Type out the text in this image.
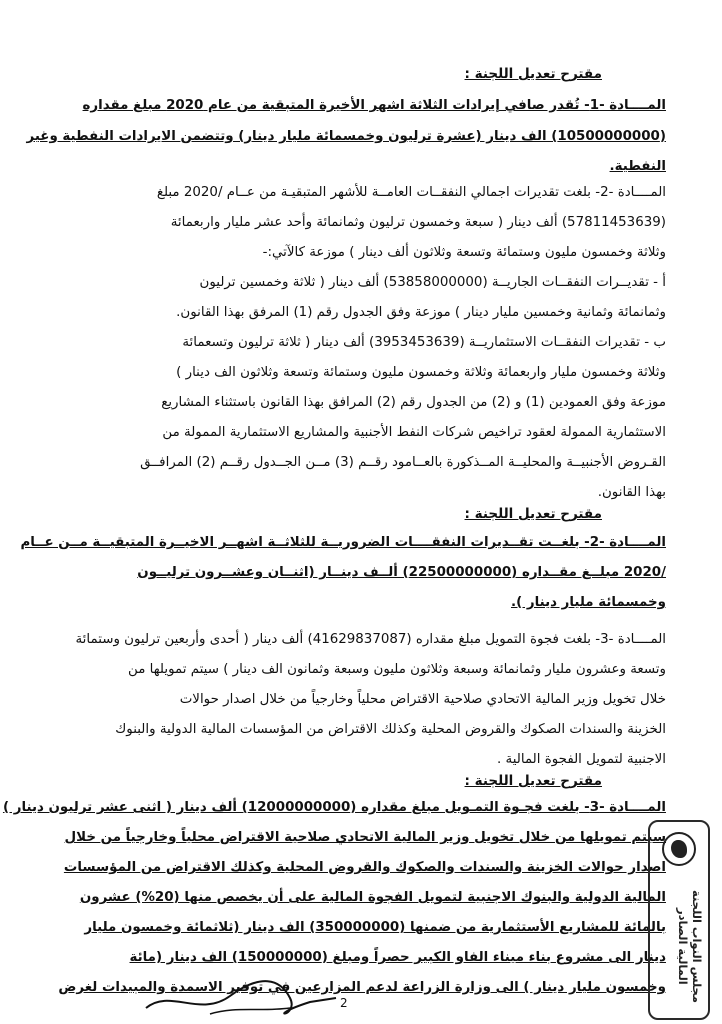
مقترح تعديل اللجنة :
المــــادة -1- تُقدر صافي إيرادات الثلاثة اشهر الأخيرة المتبقية من عام 2020 مبلغ مقداره
(10500000000) الف دينار (عشرة ترليون وخمسمائة مليار دينار) وتتضمن الايرادات النفطية وغير
النفطية.
المــــادة -2- بلغت تقديرات اجمالي النفقــات العامــة للأشهر المتبقيـة من عــام /2020 مبلغ
(57811453639) ألف دينار ( سبعة وخمسون ترليون وثمانمائة وأحد عشر مليار واربعمائة
وثلاثة وخمسون مليون وستمائة وتسعة وثلاثون ألف دينار ) موزعة كالآتي:-
أ - تقديــرات النفقــات الجاريــة (53858000000) ألف دينار ( ثلاثة وخمسين ترليون
وثمانمائة وثمانية وخمسين مليار دينار ) موزعة وفق الجدول رقم (1) المرفق بهذا القانون.
ب - تقديرات النفقــات الاستثماريــة (3953453639) ألف دينار ( ثلاثة ترليون وتسعمائة
وثلاثة وخمسون مليار واربعمائة وثلاثة وخمسون مليون وستمائة وتسعة وثلاثون الف دينار )
موزعة وفق العمودين (1) و (2) من الجدول رقم (2) المرافق بهذا القانون باستثناء المشاريع
الاستثمارية الممولة لعقود تراخيص شركات النفط الأجنبية والمشاريع الاستثمارية الممولة من
القـروض الأجنبيــة والمحليــة المــذكورة بالعــامود رقــم (3) مــن الجــدول رقــم (2) المرافــق
بهذا القانون.
مقترح تعديل اللجنة :
المــــادة -2- بلغــت تقــديرات النفقــــات الضروريــة للثلاثــة اشهــر الاخيــرة المتبقيــة مــن عــام
/2020 مبلــغ مقــداره (22500000000) ألــف دينــار (اثنــان وعشــرون ترليــون
وخمسمائة مليار دينار ).
المــــادة -3- بلغت فجوة التمويل مبلغ مقداره (41629837087) ألف دينار ( أحدى وأربعين ترليون وستمائة
وتسعة وعشرون مليار وثمانمائة وسبعة وثلاثون مليون وسبعة وثمانون الف دينار ) سيتم تمويلها من
خلال تخويل وزير المالية الاتحادي صلاحية الاقتراض محلياً وخارجياً من خلال اصدار حوالات
الخزينة والسندات الصكوك والقروض المحلية وكذلك الاقتراض من المؤسسات المالية الدولية والبنوك
الاجنبية لتمويل الفجوة المالية .
مقترح تعديل اللجنة :
المــــادة -3- بلغت فجـوة التمـويل مبلغ مقداره (12000000000) ألف دينار ( اثنى عشر ترليون دينار )
سيتم تمويلها من خلال تخويل وزير المالية الاتحادي صلاحية الاقتراض محلياً وخارجياً من خلال
اصدار حوالات الخزينة والسندات والصكوك والقروض المحلية وكذلك الاقتراض من المؤسسات
المالية الدولية والبنوك الاجنبية لتمويل الفجوة المالية على أن يخصص منها (20%) عشرون
بالمائة للمشاريع الأستثمارية من ضمنها (350000000) الف دينار (ثلاثمائة وخمسون مليار
دينار الى مشروع بناء ميناء الفاو الكبير حصراً ومبلغ (150000000) الف دينار (مائة
وخمسون مليار دينار ) الى وزارة الزراعة لدعم المزارعين في توفير الاسمدة والمبيدات لغرض	مجلس النواب اللجنة المالية الصادر
2
